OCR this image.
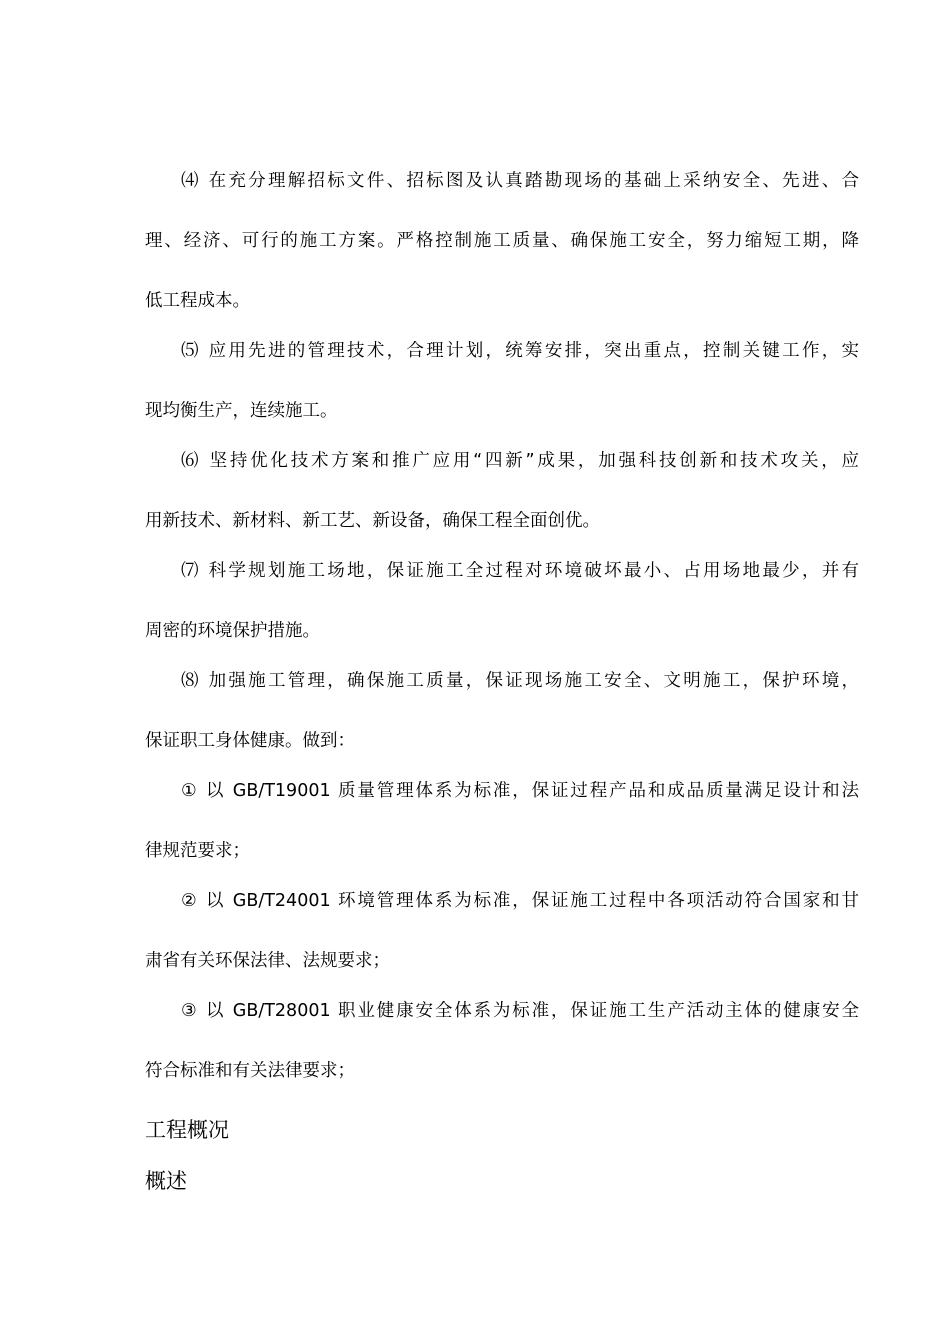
⑷ 在充分理解招标文件、招标图及认真踏勘现场的基础上采纳安全、先进、合
理、经济、可行的施工方案。严格控制施工质量、确保施工安全，努力缩短工期，降
低工程成本。
⑸ 应用先进的管理技术，合理计划，统筹安排，突出重点，控制关键工作，实
现均衡生产，连续施工。
⑹ 坚持优化技术方案和推广应用“四新”成果，加强科技创新和技术攻关，应
用新技术、新材料、新工艺、新设备，确保工程全面创优。
⑺ 科学规划施工场地，保证施工全过程对环境破坏最小、占用场地最少，并有
周密的环境保护措施。
⑻ 加强施工管理，确保施工质量，保证现场施工安全、文明施工，保护环境，
保证职工身体健康。做到：
① 以 GB/T19001 质量管理体系为标准，保证过程产品和成品质量满足设计和法
律规范要求；
② 以 GB/T24001 环境管理体系为标准，保证施工过程中各项活动符合国家和甘
肃省有关环保法律、法规要求；
③ 以 GB/T28001 职业健康安全体系为标准，保证施工生产活动主体的健康安全
符合标准和有关法律要求；
工程概况
概述
